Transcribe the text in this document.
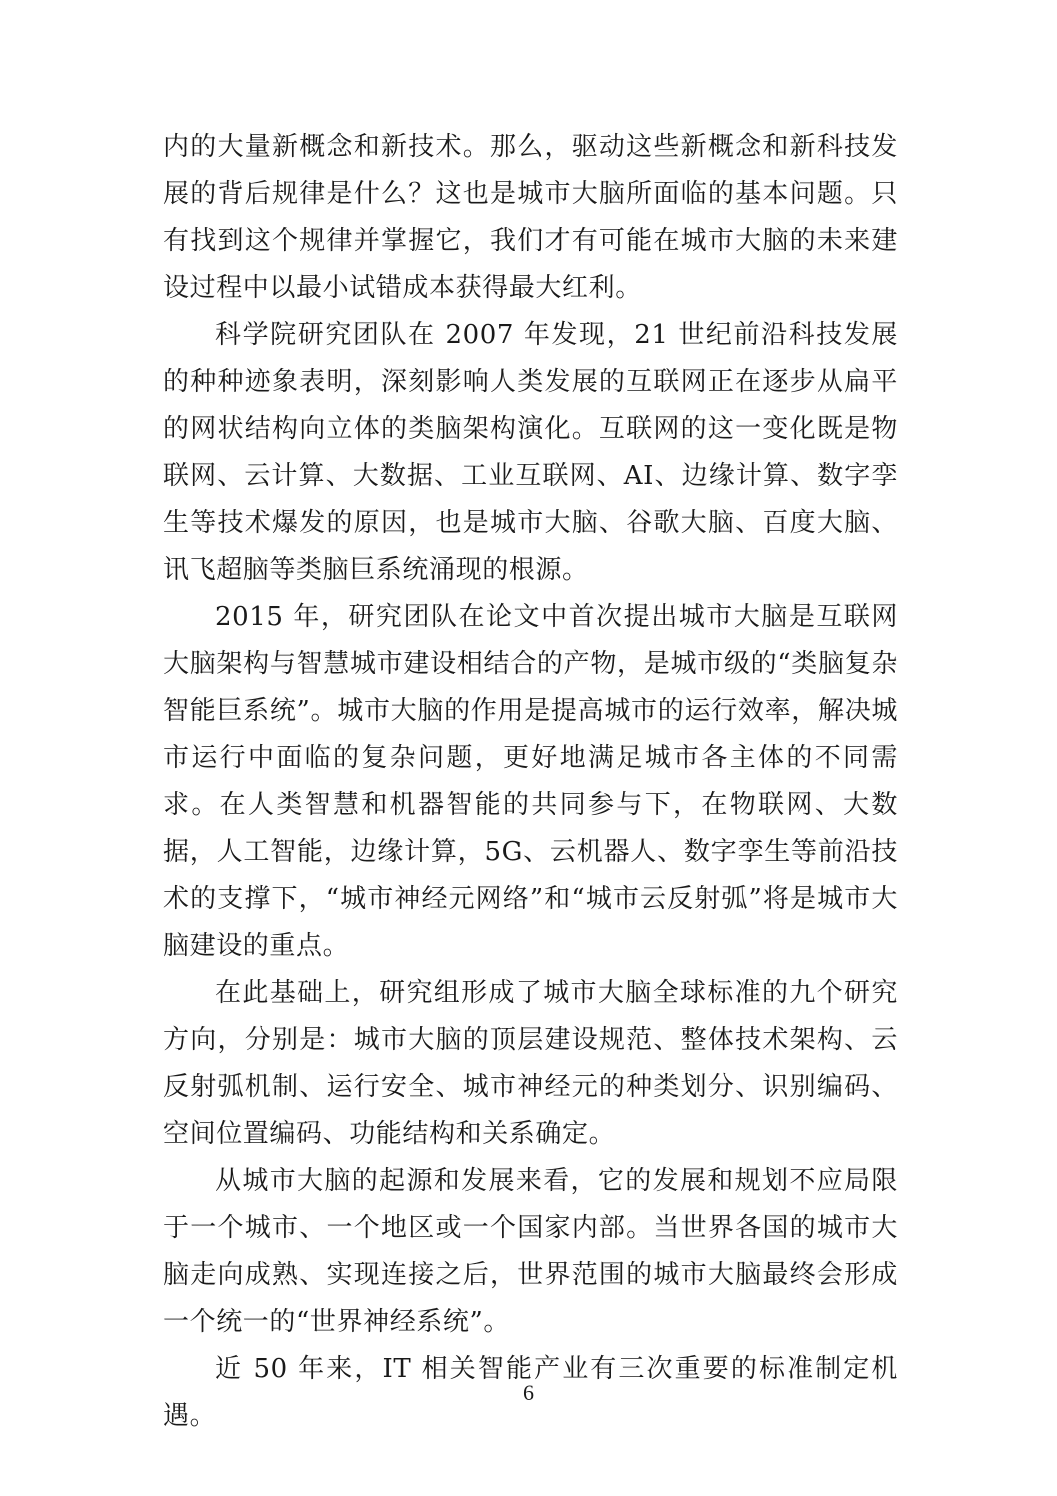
内的大量新概念和新技术。那么，驱动这些新概念和新科技发展的背后规律是什么？这也是城市大脑所面临的基本问题。只有找到这个规律并掌握它，我们才有可能在城市大脑的未来建设过程中以最小试错成本获得最大红利。

科学院研究团队在 2007 年发现，21 世纪前沿科技发展的种种迹象表明，深刻影响人类发展的互联网正在逐步从扁平的网状结构向立体的类脑架构演化。互联网的这一变化既是物联网、云计算、大数据、工业互联网、AI、边缘计算、数字孪生等技术爆发的原因，也是城市大脑、谷歌大脑、百度大脑、讯飞超脑等类脑巨系统涌现的根源。

2015 年，研究团队在论文中首次提出城市大脑是互联网大脑架构与智慧城市建设相结合的产物，是城市级的“类脑复杂智能巨系统”。城市大脑的作用是提高城市的运行效率，解决城市运行中面临的复杂问题，更好地满足城市各主体的不同需求。在人类智慧和机器智能的共同参与下，在物联网、大数据，人工智能，边缘计算，5G、云机器人、数字孪生等前沿技术的支撑下，“城市神经元网络”和“城市云反射弧”将是城市大脑建设的重点。

在此基础上，研究组形成了城市大脑全球标准的九个研究方向，分别是：城市大脑的顶层建设规范、整体技术架构、云反射弧机制、运行安全、城市神经元的种类划分、识别编码、空间位置编码、功能结构和关系确定。

从城市大脑的起源和发展来看，它的发展和规划不应局限于一个城市、一个地区或一个国家内部。当世界各国的城市大脑走向成熟、实现连接之后，世界范围的城市大脑最终会形成一个统一的“世界神经系统”。

近 50 年来，IT 相关智能产业有三次重要的标准制定机遇。

6
